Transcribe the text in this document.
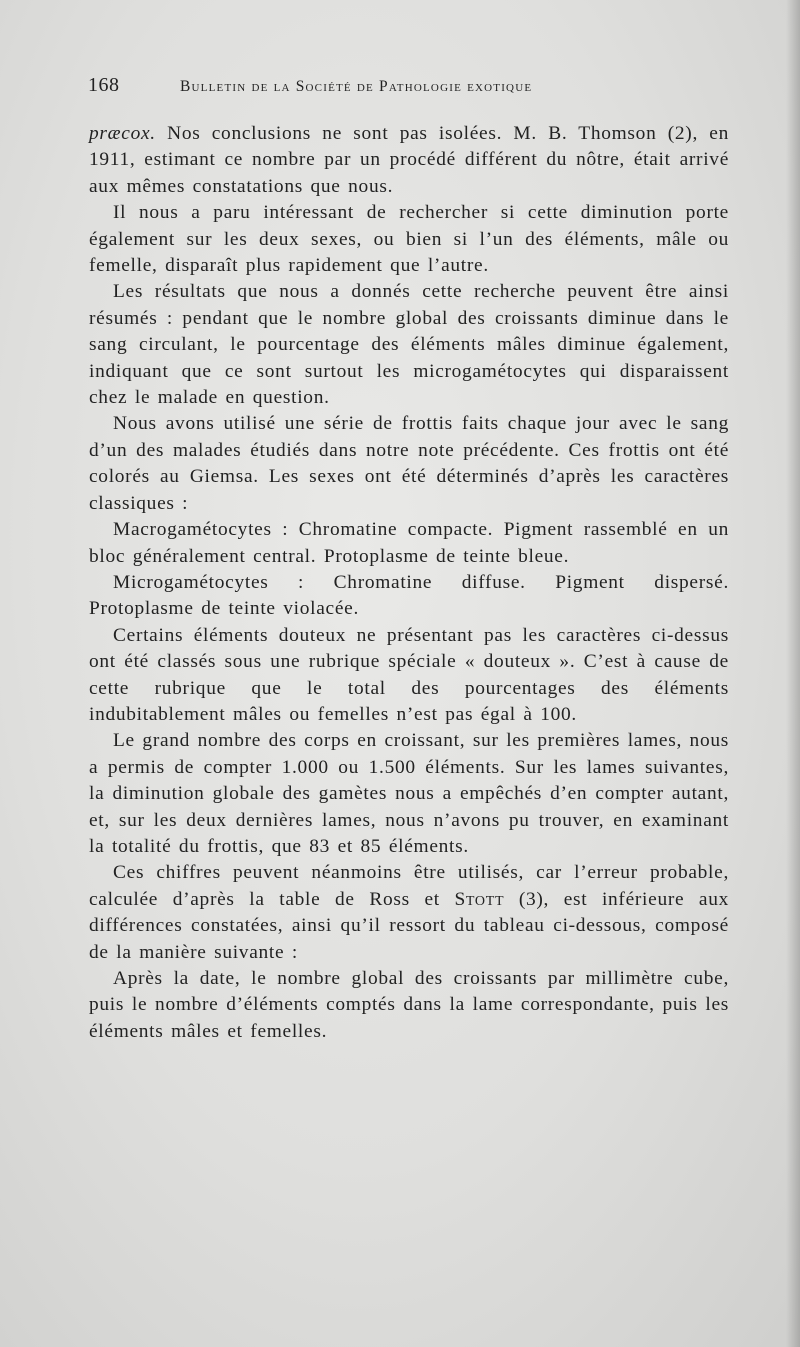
168	Bulletin de la Société de Pathologie exotique

præcox. Nos conclusions ne sont pas isolées. M. B. Thomson (2), en 1911, estimant ce nombre par un procédé différent du nôtre, était arrivé aux mêmes constatations que nous.

Il nous a paru intéressant de rechercher si cette diminution porte également sur les deux sexes, ou bien si l’un des éléments, mâle ou femelle, disparaît plus rapidement que l’autre.

Les résultats que nous a donnés cette recherche peuvent être ainsi résumés : pendant que le nombre global des croissants diminue dans le sang circulant, le pourcentage des éléments mâles diminue également, indiquant que ce sont surtout les microgamétocytes qui disparaissent chez le malade en question.

Nous avons utilisé une série de frottis faits chaque jour avec le sang d’un des malades étudiés dans notre note précédente. Ces frottis ont été colorés au Giemsa. Les sexes ont été déterminés d’après les caractères classiques :

Macrogamétocytes : Chromatine compacte. Pigment rassemblé en un bloc généralement central. Protoplasme de teinte bleue.

Microgamétocytes : Chromatine diffuse. Pigment dispersé. Protoplasme de teinte violacée.

Certains éléments douteux ne présentant pas les caractères ci-dessus ont été classés sous une rubrique spéciale « douteux ». C’est à cause de cette rubrique que le total des pourcentages des éléments indubitablement mâles ou femelles n’est pas égal à 100.

Le grand nombre des corps en croissant, sur les premières lames, nous a permis de compter 1.000 ou 1.500 éléments. Sur les lames suivantes, la diminution globale des gamètes nous a empêchés d’en compter autant, et, sur les deux dernières lames, nous n’avons pu trouver, en examinant la totalité du frottis, que 83 et 85 éléments.

Ces chiffres peuvent néanmoins être utilisés, car l’erreur probable, calculée d’après la table de Ross et Stott (3), est inférieure aux différences constatées, ainsi qu’il ressort du tableau ci-dessous, composé de la manière suivante :

Après la date, le nombre global des croissants par millimètre cube, puis le nombre d’éléments comptés dans la lame correspondante, puis les éléments mâles et femelles.
